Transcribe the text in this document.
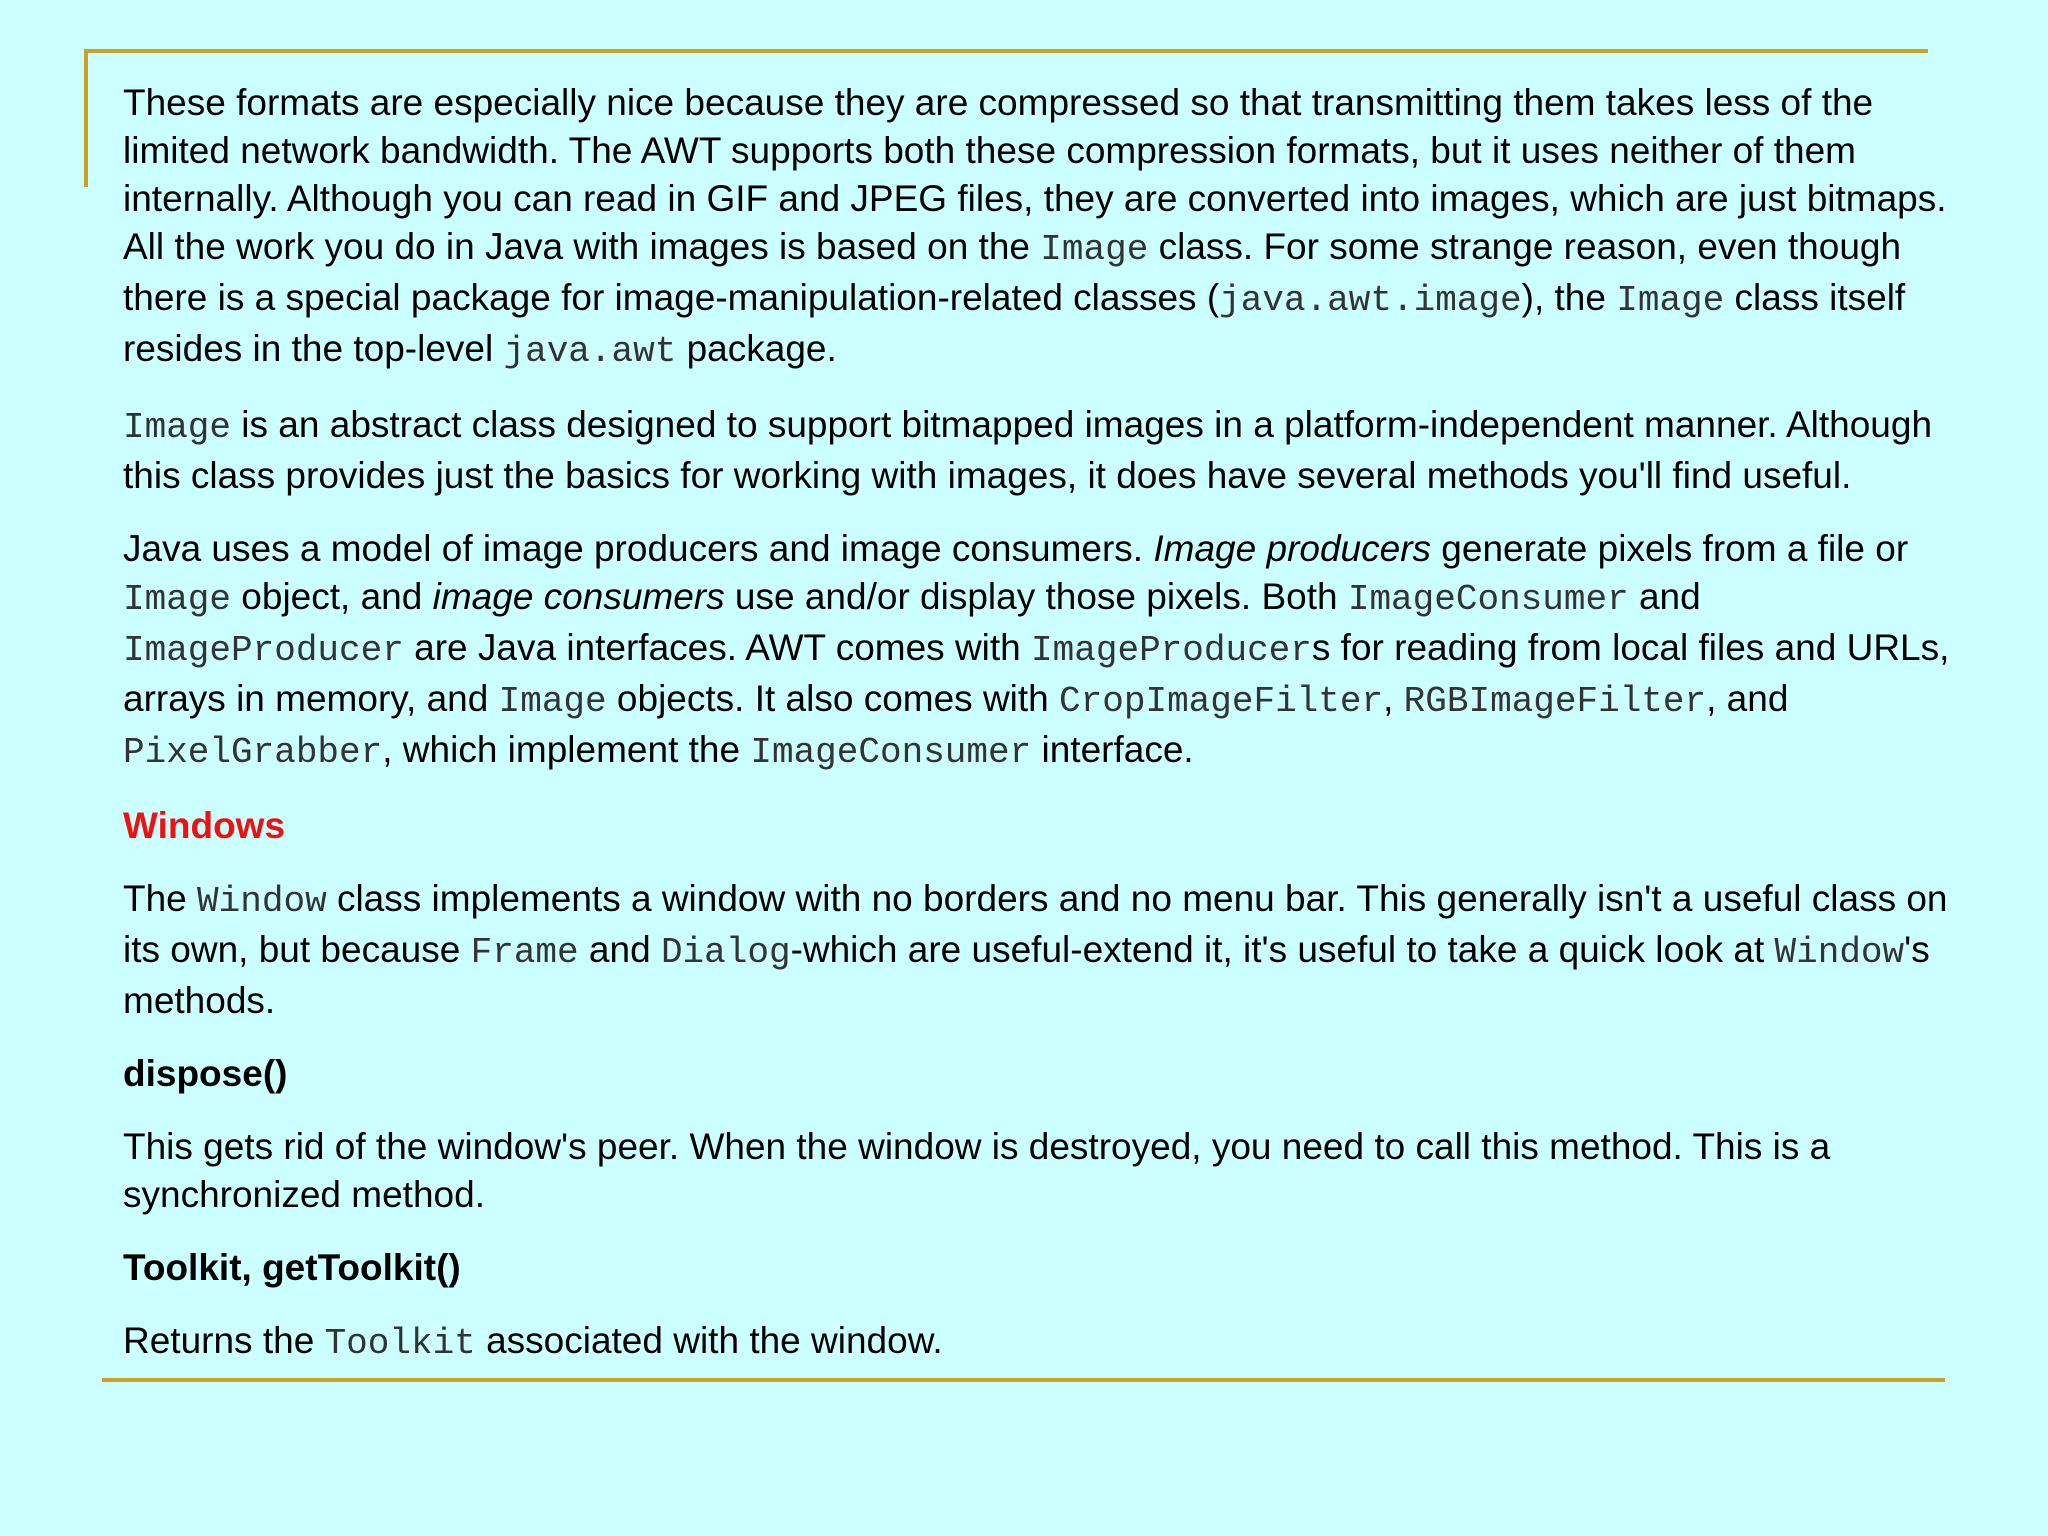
These formats are especially nice because they are compressed so that transmitting them takes less of the limited network bandwidth. The AWT supports both these compression formats, but it uses neither of them internally. Although you can read in GIF and JPEG files, they are converted into images, which are just bitmaps. All the work you do in Java with images is based on the Image class. For some strange reason, even though there is a special package for image-manipulation-related classes (java.awt.image), the Image class itself resides in the top-level java.awt package.

Image is an abstract class designed to support bitmapped images in a platform-independent manner. Although this class provides just the basics for working with images, it does have several methods you'll find useful.

Java uses a model of image producers and image consumers. Image producers generate pixels from a file or Image object, and image consumers use and/or display those pixels. Both ImageConsumer and ImageProducer are Java interfaces. AWT comes with ImageProducers for reading from local files and URLs, arrays in memory, and Image objects. It also comes with CropImageFilter, RGBImageFilter, and PixelGrabber, which implement the ImageConsumer interface.

Windows

The Window class implements a window with no borders and no menu bar. This generally isn't a useful class on its own, but because Frame and Dialog-which are useful-extend it, it's useful to take a quick look at Window's methods.

dispose()

This gets rid of the window's peer. When the window is destroyed, you need to call this method. This is a synchronized method.

Toolkit, getToolkit()

Returns the Toolkit associated with the window.
